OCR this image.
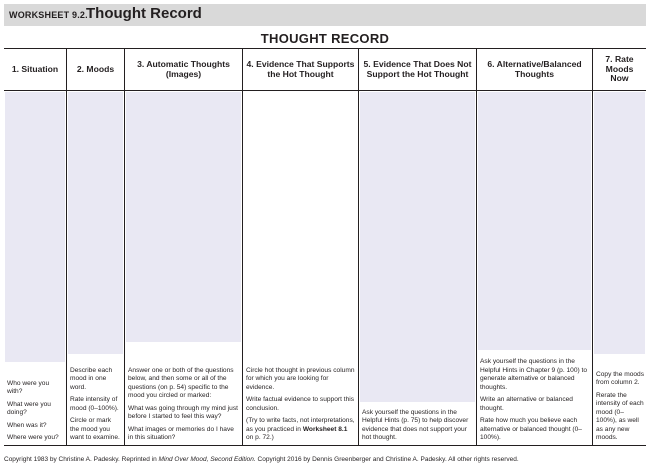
WORKSHEET 9.2.
Thought Record
THOUGHT RECORD
1. Situation

Who were you with?

What were you doing?

When was it?

Where were you?

2. Moods

Describe each mood in one word.

Rate intensity of mood (0–100%).

Circle or mark the mood you want to examine.

3. Automatic Thoughts (Images)

Answer one or both of the questions below, and then some or all of the questions (on p. 54) specific to the mood you circled or marked:

What was going through my mind just before I started to feel this way?

What images or memories do I have in this situation?

4. Evidence That Supports the Hot Thought

Circle hot thought in previous column for which you are looking for evidence.

Write factual evidence to support this conclusion.

(Try to write facts, not interpretations, as you practiced in Worksheet 8.1 on p. 72.)

5. Evidence That Does Not Support the Hot Thought

Ask yourself the questions in the Helpful Hints (p. 75) to help discover evidence that does not support your hot thought.

6. Alternative/Balanced Thoughts

Ask yourself the questions in the Helpful Hints in Chapter 9 (p. 100) to generate alternative or balanced thoughts.

Write an alternative or balanced thought.

Rate how much you believe each alternative or balanced thought (0–100%).

7. Rate Moods Now

Copy the moods from column 2.

Rerate the intensity of each mood (0–100%), as well as any new moods.

Copyright 1983 by Christine A. Padesky. Reprinted in Mind Over Mood, Second Edition. Copyright 2016 by Dennis Greenberger and Christine A. Padesky. All other rights reserved.
